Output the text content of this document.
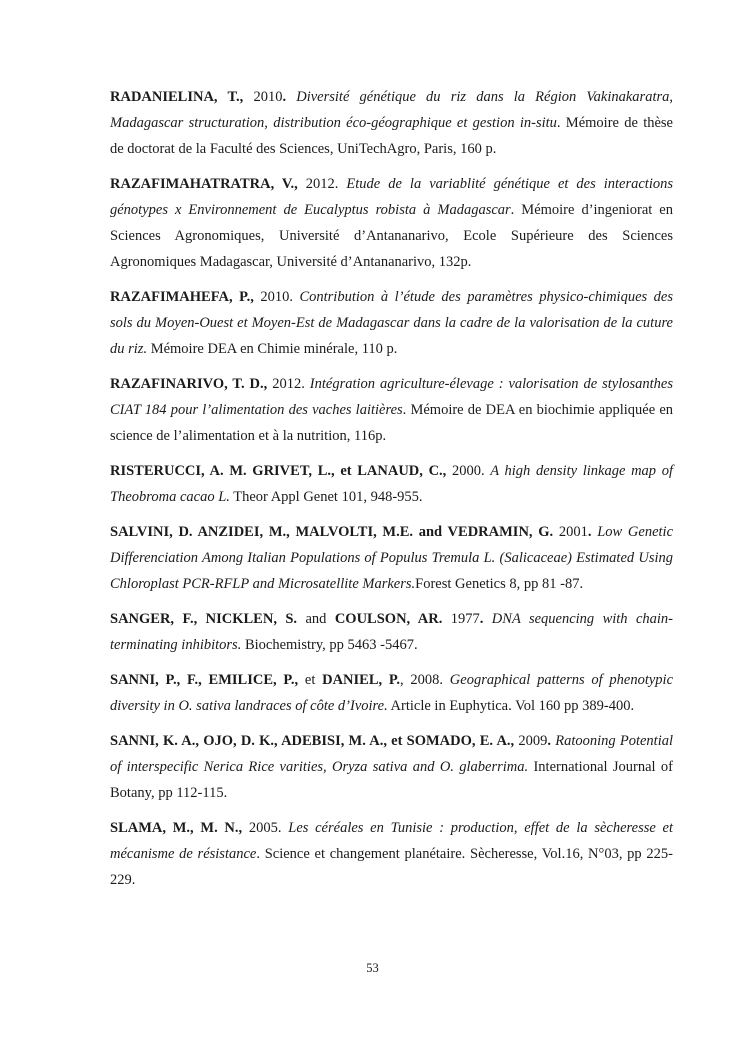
RADANIELINA, T., 2010. Diversité génétique du riz dans la Région Vakinakaratra, Madagascar structuration, distribution éco-géographique et gestion in-situ. Mémoire de thèse de doctorat de la Faculté des Sciences, UniTechAgro, Paris, 160 p.

RAZAFIMAHATRATRA, V., 2012. Etude de la variablité génétique et des interactions génotypes x Environnement de Eucalyptus robista à Madagascar. Mémoire d’ingeniorat en Sciences Agronomiques, Université d’Antananarivo, Ecole Supérieure des Sciences Agronomiques Madagascar, Université d’Antananarivo, 132p.

RAZAFIMAHEFA, P., 2010. Contribution à l’étude des paramètres physico-chimiques des sols du Moyen-Ouest et Moyen-Est de Madagascar dans la cadre de la valorisation de la cuture du riz. Mémoire DEA en Chimie minérale, 110 p.

RAZAFINARIVO, T. D., 2012. Intégration agriculture-élevage : valorisation de stylosanthes CIAT 184 pour l’alimentation des vaches laitières. Mémoire de DEA en biochimie appliquée en science de l’alimentation et à la nutrition, 116p.

RISTERUCCI, A. M. GRIVET, L., et LANAUD, C., 2000. A high density linkage map of Theobroma cacao L. Theor Appl Genet 101, 948-955.

SALVINI, D. ANZIDEI, M., MALVOLTI, M.E. and VEDRAMIN, G. 2001. Low Genetic Differenciation Among Italian Populations of Populus Tremula L. (Salicaceae) Estimated Using Chloroplast PCR-RFLP and Microsatellite Markers.Forest Genetics 8, pp 81 -87.

SANGER, F., NICKLEN, S. and COULSON, AR. 1977. DNA sequencing with chain-terminating inhibitors. Biochemistry, pp 5463 -5467.

SANNI, P., F., EMILICE, P., et DANIEL, P., 2008. Geographical patterns of phenotypic diversity in O. sativa landraces of côte d’Ivoire. Article in Euphytica. Vol 160 pp 389-400.

SANNI, K. A., OJO, D. K., ADEBISI, M. A., et SOMADO, E. A., 2009. Ratooning Potential of interspecific Nerica Rice varities, Oryza sativa and O. glaberrima. International Journal of Botany, pp 112-115.

SLAMA, M., M. N., 2005. Les céréales en Tunisie : production, effet de la sècheresse et mécanisme de résistance. Science et changement planétaire. Sècheresse, Vol.16, N°03, pp 225-229.

53
